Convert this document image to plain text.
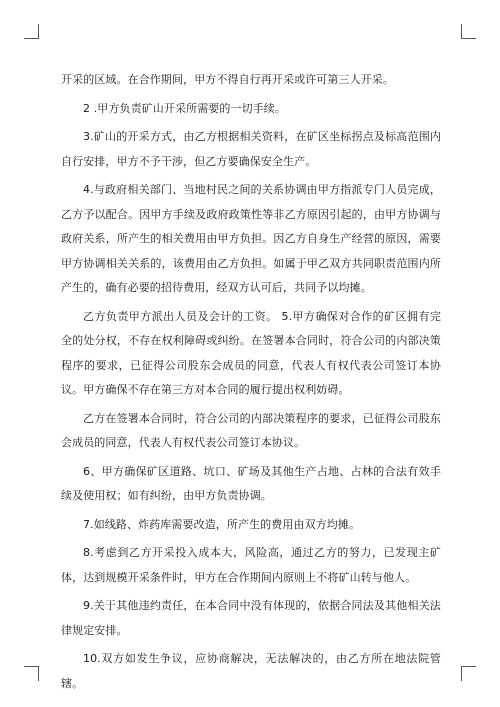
开采的区域。在合作期间，甲方不得自行再开采或许可第三人开采。

2 .甲方负责矿山开采所需要的一切手续。

3.矿山的开采方式，由乙方根据相关资料，在矿区坐标拐点及标高范围内自行安排，甲方不予干涉，但乙方要确保安全生产。

4.与政府相关部门、当地村民之间的关系协调由甲方指派专门人员完成，乙方予以配合。因甲方手续及政府政策性等非乙方原因引起的，由甲方协调与政府关系，所产生的相关费用由甲方负担。因乙方自身生产经营的原因，需要甲方协调相关关系的，该费用由乙方负担。如属于甲乙双方共同职责范围内所产生的，确有必要的招待费用，经双方认可后，共同予以均摊。

乙方负责甲方派出人员及会计的工资。 5.甲方确保对合作的矿区拥有完全的处分权，不存在权利障碍或纠纷。在签署本合同时，符合公司的内部决策程序的要求，已征得公司股东会成员的同意，代表人有权代表公司签订本协议。甲方确保不存在第三方对本合同的履行提出权利妨碍。

乙方在签署本合同时，符合公司的内部决策程序的要求，已征得公司股东会成员的同意，代表人有权代表公司签订本协议。

6、甲方确保矿区道路、坑口、矿场及其他生产占地、占林的合法有效手续及使用权；如有纠纷，由甲方负责协调。

7.如线路、炸药库需要改造，所产生的费用由双方均摊。

8.考虑到乙方开采投入成本大，风险高，通过乙方的努力，已发现主矿体，达到规模开采条件时，甲方在合作期间内原则上不将矿山转与他人。

9.关于其他违约责任，在本合同中没有体现的，依据合同法及其他相关法律规定安排。

10.双方如发生争议，应协商解决，无法解决的，由乙方所在地法院管辖。
